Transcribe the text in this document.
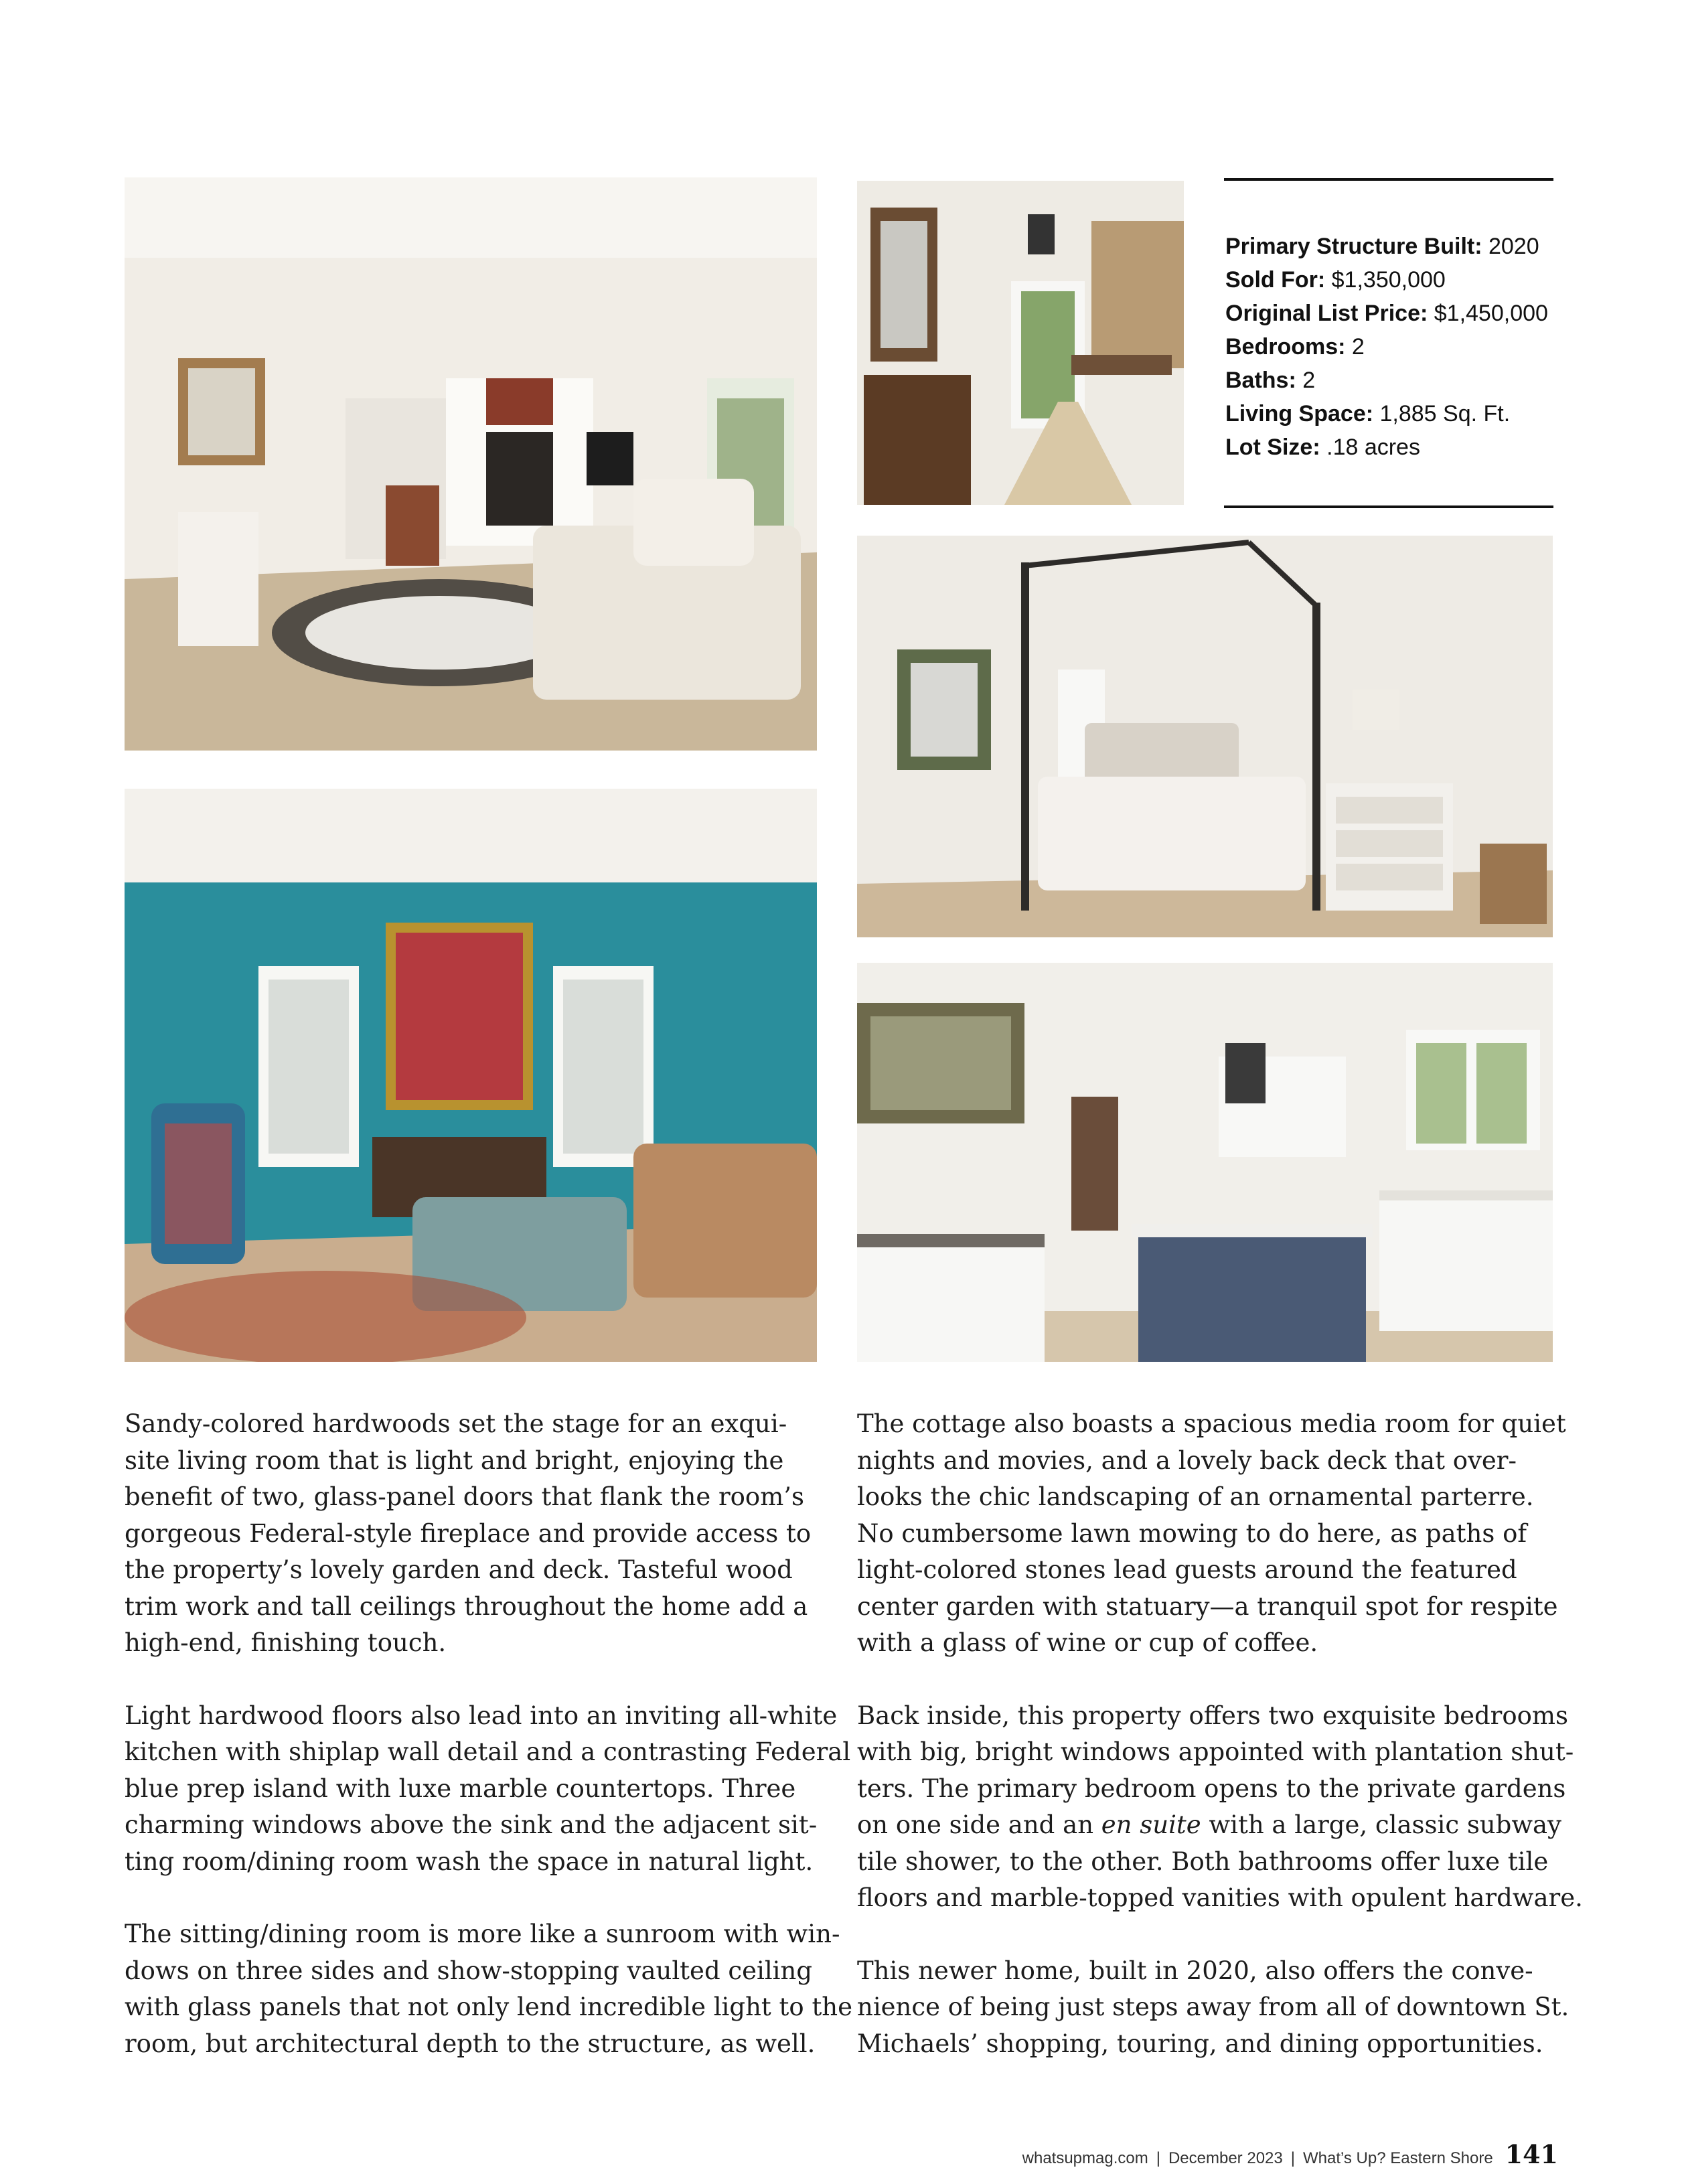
Primary Structure Built: 2020
Sold For: $1,350,000
Original List Price: $1,450,000
Bedrooms: 2
Baths: 2
Living Space: 1,885 Sq. Ft.
Lot Size: .18 acres

Sandy-colored hardwoods set the stage for an exqui-
site living room that is light and bright, enjoying the
benefit of two, glass-panel doors that flank the room’s
gorgeous Federal-style fireplace and provide access to
the property’s lovely garden and deck. Tasteful wood
trim work and tall ceilings throughout the home add a
high-end, finishing touch.

Light hardwood floors also lead into an inviting all-white
kitchen with shiplap wall detail and a contrasting Federal
blue prep island with luxe marble countertops. Three
charming windows above the sink and the adjacent sit-
ting room/dining room wash the space in natural light.

The sitting/dining room is more like a sunroom with win-
dows on three sides and show-stopping vaulted ceiling
with glass panels that not only lend incredible light to the
room, but architectural depth to the structure, as well.

The cottage also boasts a spacious media room for quiet
nights and movies, and a lovely back deck that over-
looks the chic landscaping of an ornamental parterre.
No cumbersome lawn mowing to do here, as paths of
light-colored stones lead guests around the featured
center garden with statuary—a tranquil spot for respite
with a glass of wine or cup of coffee.

Back inside, this property offers two exquisite bedrooms
with big, bright windows appointed with plantation shut-
ters. The primary bedroom opens to the private gardens
on one side and an en suite with a large, classic subway
tile shower, to the other. Both bathrooms offer luxe tile
floors and marble-topped vanities with opulent hardware.

This newer home, built in 2020, also offers the conve-
nience of being just steps away from all of downtown St.
Michaels’ shopping, touring, and dining opportunities.

whatsupmag.com | December 2023 | What’s Up? Eastern Shore 141
